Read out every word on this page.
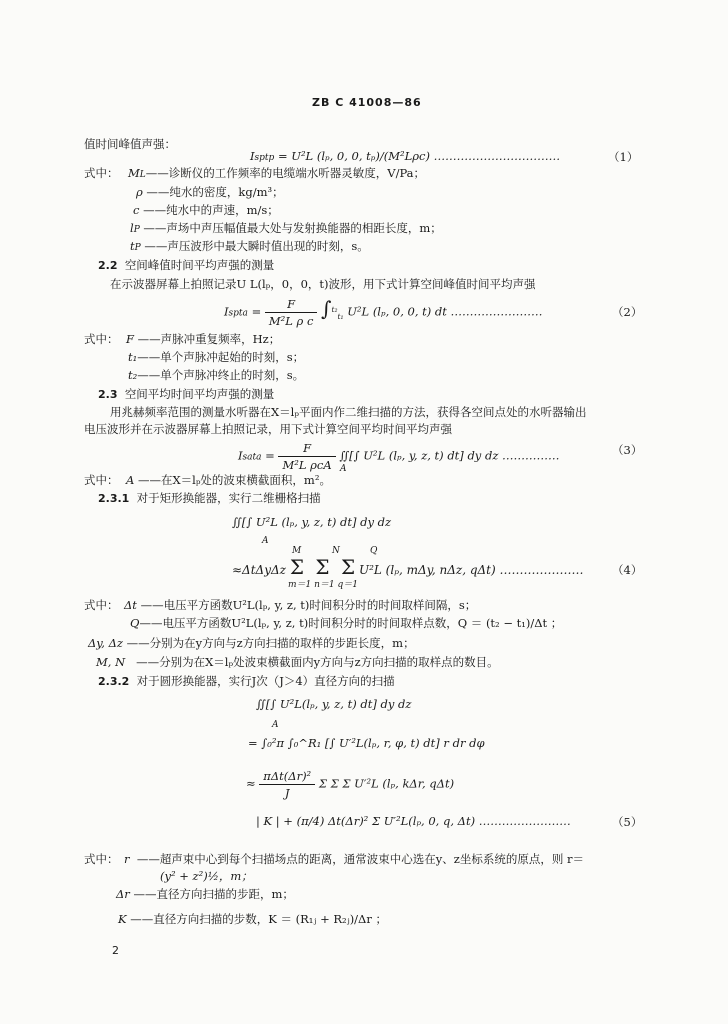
ZB C 41008—86
值时间峰值声强：
Isptp = U²L (lₚ, 0, 0, tₚ)/(M²Lρc) ……………………………	（1）
式中： ML——诊断仪的工作频率的电缆端水听器灵敏度，V/Pa；
ρ ——纯水的密度，kg/m³；
c ——纯水中的声速，m/s；
lP ——声场中声压幅值最大处与发射换能器的相距长度，m；
tP ——声压波形中最大瞬时值出现的时刻，s。
2.2 空间峰值时间平均声强的测量
在示波器屏幕上拍照记录U L(lₚ，0，0，t)波形，用下式计算空间峰值时间平均声强
Ispta = $\frac{F}{\text{M²L ρ c}} \int^{t_2}_{t_1}$ U²L (lₚ, 0, 0, t) dt ……………………	（2）
式中： F ——声脉冲重复频率，Hz；
t₁——单个声脉冲起始的时刻，s；
t₂——单个声脉冲终止的时刻，s。
2.3 空间平均时间平均声强的测量
用兆赫频率范围的测量水听器在X＝lₚ平面内作二维扫描的方法，获得各空间点处的水听器输出
电压波形并在示波器屏幕上拍照记录，用下式计算空间平均时间平均声强
Isata = $\frac{F}{\text{M²L ρcA}}$ ∬[∫ U²L (lₚ, y, z, t) dt] dy dz ……………	（3）
A
式中： A ——在X＝lₚ处的波束横截面积，m²。
2.3.1 对于矩形换能器，实行二维栅格扫描
∬[∫ U²L (lₚ, y, z, t) dt] dy dz
A
M	N	Q
≈ΔtΔyΔz Σ Σ Σ U²L (lₚ, mΔy, nΔz, qΔt) ………………… （4）
m＝1 n＝1 q＝1
式中： Δt ——电压平方函数U²L(lₚ, y, z, t)时间积分时的时间取样间隔，s；
Q——电压平方函数U²L(lₚ, y, z, t)时间积分时的时间取样点数，Q ＝ (t₂ − t₁)/Δt ；
Δy, Δz ——分别为在y方向与z方向扫描的取样的步距长度，m；
M, N ——分别为在X＝lₚ处波束横截面内y方向与z方向扫描的取样点的数目。
2.3.2 对于圆形换能器，实行J次（J＞4）直径方向的扫描
∬[∫ U²L(lₚ, y, z, t) dt] dy dz
A
= ∫₀²π ∫₀^R₁ [∫ U′²L(lₚ, r, φ, t) dt] r dr dφ
≈ $\frac{\text{πΔt(Δr)²}}{J}$ Σ Σ Σ U′²L (lₚ, kΔr, qΔt)
| K | + (π/4) Δt(Δr)² Σ U′²L(lₚ, 0, q, Δt) ……………………	（5）
式中： r ——超声束中心到每个扫描场点的距离，通常波束中心选在y、z坐标系统的原点，则 r＝
(y² + z²)½，m；
Δr ——直径方向扫描的步距，m；
K ——直径方向扫描的步数，K ＝ (R₁ⱼ + R₂ⱼ)/Δr ；
2
